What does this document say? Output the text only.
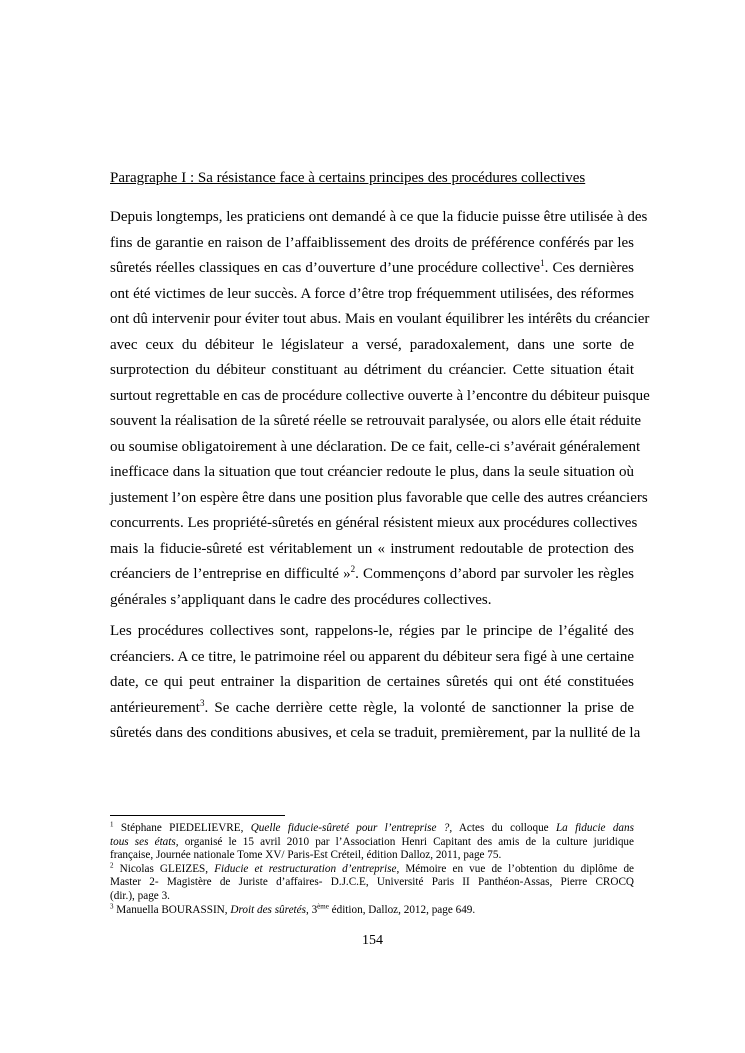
Paragraphe I : Sa résistance face à certains principes des procédures collectives
Depuis longtemps, les praticiens ont demandé à ce que la fiducie puisse être utilisée à des
fins de garantie en raison de l’affaiblissement des droits de préférence conférés par les
sûretés réelles classiques en cas d’ouverture d’une procédure collective$^1$. Ces dernières
ont été victimes de leur succès. A force d’être trop fréquemment utilisées, des réformes
ont dû intervenir pour éviter tout abus. Mais en voulant équilibrer les intérêts du créancier
avec ceux du débiteur le législateur a versé, paradoxalement, dans une sorte de
surprotection du débiteur constituant au détriment du créancier. Cette situation était
surtout regrettable en cas de procédure collective ouverte à l’encontre du débiteur puisque
souvent la réalisation de la sûreté réelle se retrouvait paralysée, ou alors elle était réduite
ou soumise obligatoirement à une déclaration. De ce fait, celle-ci s’avérait généralement
inefficace dans la situation que tout créancier redoute le plus, dans la seule situation où
justement l’on espère être dans une position plus favorable que celle des autres créanciers
concurrents. Les propriété-sûretés en général résistent mieux aux procédures collectives
mais la fiducie-sûreté est véritablement un « instrument redoutable de protection des
créanciers de l’entreprise en difficulté »$^2$. Commençons d’abord par survoler les règles
générales s’appliquant dans le cadre des procédures collectives.
Les procédures collectives sont, rappelons-le, régies par le principe de l’égalité des
créanciers. A ce titre, le patrimoine réel ou apparent du débiteur sera figé à une certaine
date, ce qui peut entrainer la disparition de certaines sûretés qui ont été constituées
antérieurement$^3$. Se cache derrière cette règle, la volonté de sanctionner la prise de
sûretés dans des conditions abusives, et cela se traduit, premièrement, par la nullité de la
$^1$ Stéphane PIEDELIEVRE, Quelle fiducie-sûreté pour l’entreprise ?, Actes du colloque La fiducie dans
tous ses états, organisé le 15 avril 2010 par l’Association Henri Capitant des amis de la culture juridique
française, Journée nationale Tome XV/ Paris-Est Créteil, édition Dalloz, 2011, page 75.
$^2$ Nicolas GLEIZES, Fiducie et restructuration d’entreprise, Mémoire en vue de l’obtention du diplôme de
Master 2- Magistère de Juriste d’affaires- D.J.C.E, Université Paris II Panthéon-Assas, Pierre CROCQ
(dir.), page 3.
$^3$ Manuella BOURASSIN, Droit des sûretés, 3ème édition, Dalloz, 2012, page 649.
154
